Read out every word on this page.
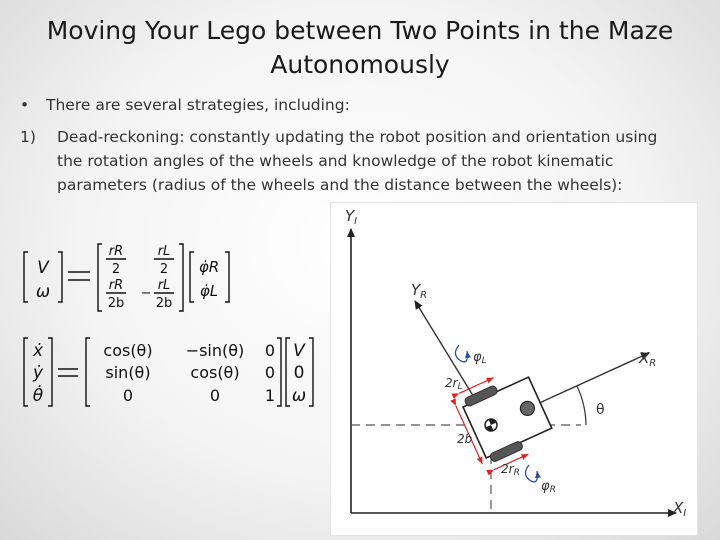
Moving Your Lego between Two Points in the Maze
Autonomously
• There are several strategies, including:
1) Dead-reckoning: constantly updating the robot position and orientation using
the rotation angles of the wheels and knowledge of the robot kinematic
parameters (radius of the wheels and the distance between the wheels):
V
ω
rR
2
rL
2
rR
2b
−
rL
2b
φ̇R
φ̇L
ẋ
ẏ
θ̇
cos(θ) −sin(θ) 0
sin(θ) cos(θ) 0
0	0	1
V
0
ω
$Y_I$
$X_I$
$X_R$
$Y_R$
θ
φL
2rL
2b
2rR
φR
